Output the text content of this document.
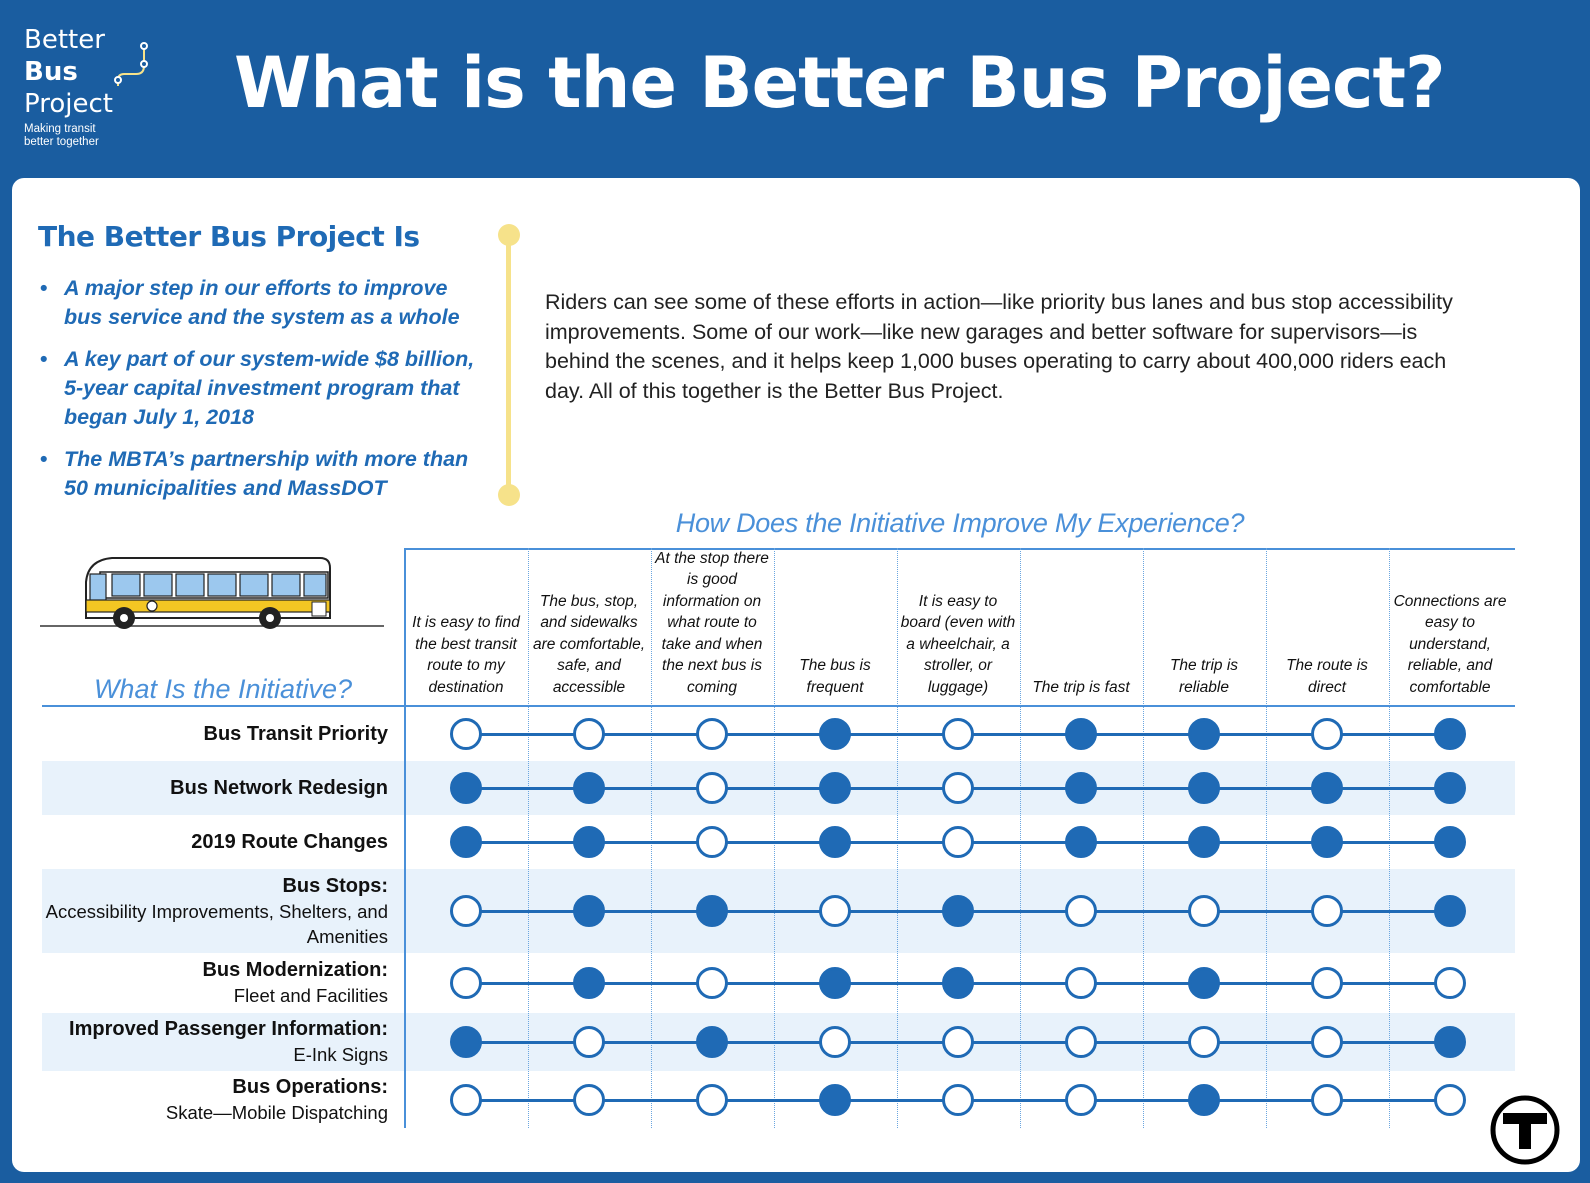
Better
Bus
Project
Making transit
better together
What is the Better Bus Project?
The Better Bus Project Is
• A major step in our efforts to improve bus service and the system as a whole
• A key part of our system-wide $8 billion, 5-year capital investment program that began July 1, 2018
• The MBTA’s partnership with more than 50 municipalities and MassDOT

Riders can see some of these efforts in action—like priority bus lanes and bus stop accessibility improvements. Some of our work—like new garages and better software for supervisors—is behind the scenes, and it helps keep 1,000 buses operating to carry about 400,000 riders each day. All of this together is the Better Bus Project.

How Does the Initiative Improve My Experience?
What Is the Initiative?
It is easy to find the best transit route to my destination
The bus, stop, and sidewalks are comfortable, safe, and accessible
At the stop there is good information on what route to take and when the next bus is coming
The bus is frequent
It is easy to board (even with a wheelchair, a stroller, or luggage)	The trip is fast
The trip is reliable
The route is direct
Connections are easy to understand, reliable, and comfortable
Bus Transit Priority
Bus Network Redesign
2019 Route Changes
Bus Stops:
Accessibility Improvements, Shelters, and Amenities
Bus Modernization:
Fleet and Facilities
Improved Passenger Information:
E-Ink Signs
Bus Operations:
Skate—Mobile Dispatching
